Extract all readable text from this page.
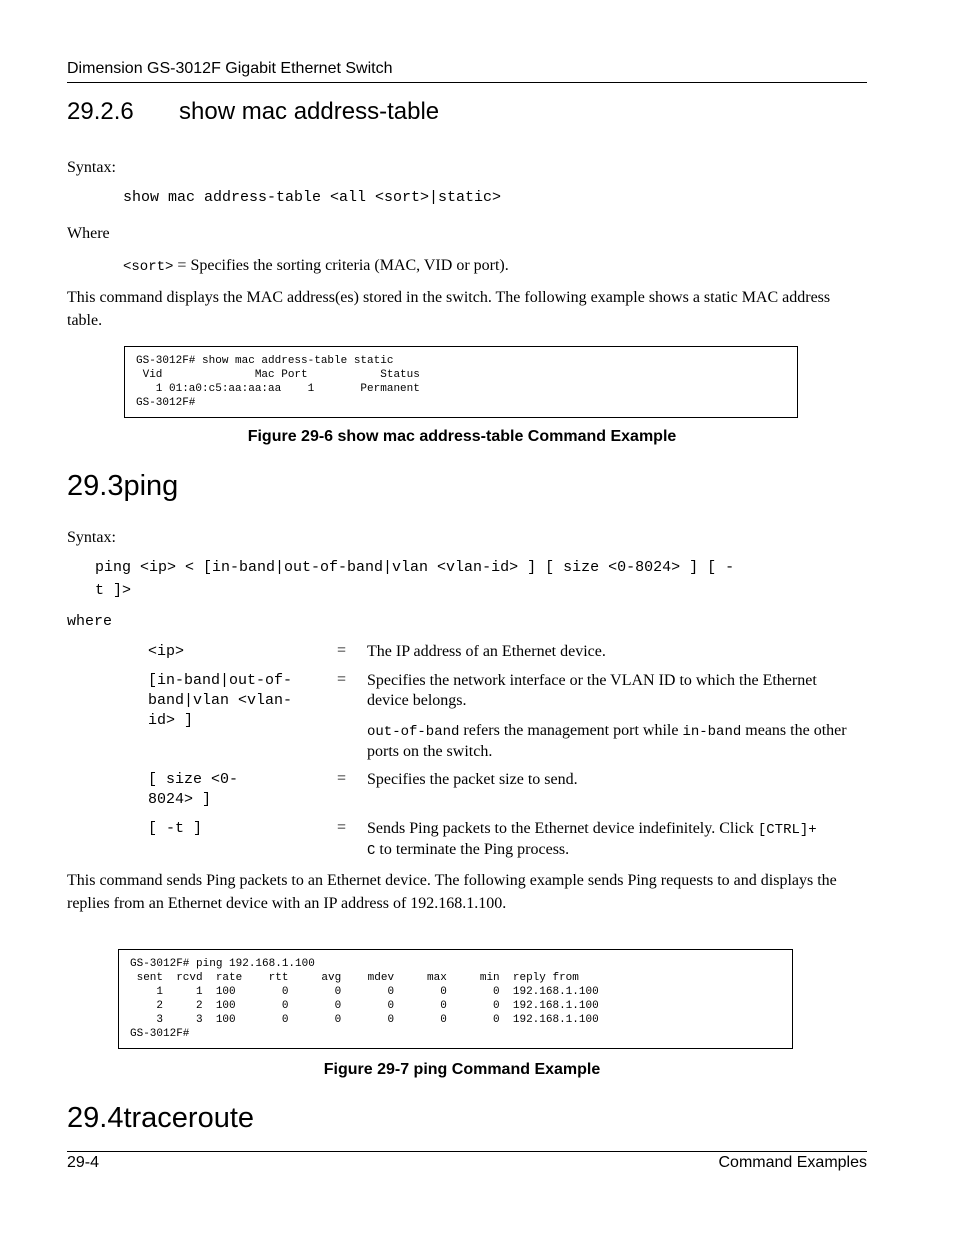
Dimension GS-3012F Gigabit Ethernet Switch
29.2.6 show mac address-table
Syntax:
show mac address-table <all <sort>|static>
Where
<sort> = Specifies the sorting criteria (MAC, VID or port).
This command displays the MAC address(es) stored in the switch. The following example shows a static MAC address table.
GS-3012F# show mac address-table static
Vid              Mac Port           Status
1 01:a0:c5:aa:aa:aa    1       Permanent
GS-3012F#
Figure 29-6 show mac address-table Command Example
29.3ping
Syntax:
ping <ip> < [in-band|out-of-band|vlan <vlan-id> ] [ size <0-8024> ] [ -
t ]>
where
<ip>	= The IP address of an Ethernet device.
[in-band|out-of-
band|vlan <vlan-
id> ]
= Specifies the network interface or the VLAN ID to which the Ethernet device belongs.
out-of-band refers the management port while in-band means the other ports on the switch.
[ size <0-
8024> ]
= Specifies the packet size to send.
[ -t ]	= Sends Ping packets to the Ethernet device indefinitely. Click [CTRL]+
C to terminate the Ping process.
This command sends Ping packets to an Ethernet device. The following example sends Ping requests to and displays the replies from an Ethernet device with an IP address of 192.168.1.100.
GS-3012F# ping 192.168.1.100
sent  rcvd  rate    rtt     avg    mdev     max     min  reply from
1     1  100       0       0       0       0       0  192.168.1.100
2     2  100       0       0       0       0       0  192.168.1.100
3     3  100       0       0       0       0       0  192.168.1.100
GS-3012F#
Figure 29-7 ping Command Example
29.4traceroute
29-4	Command Examples
